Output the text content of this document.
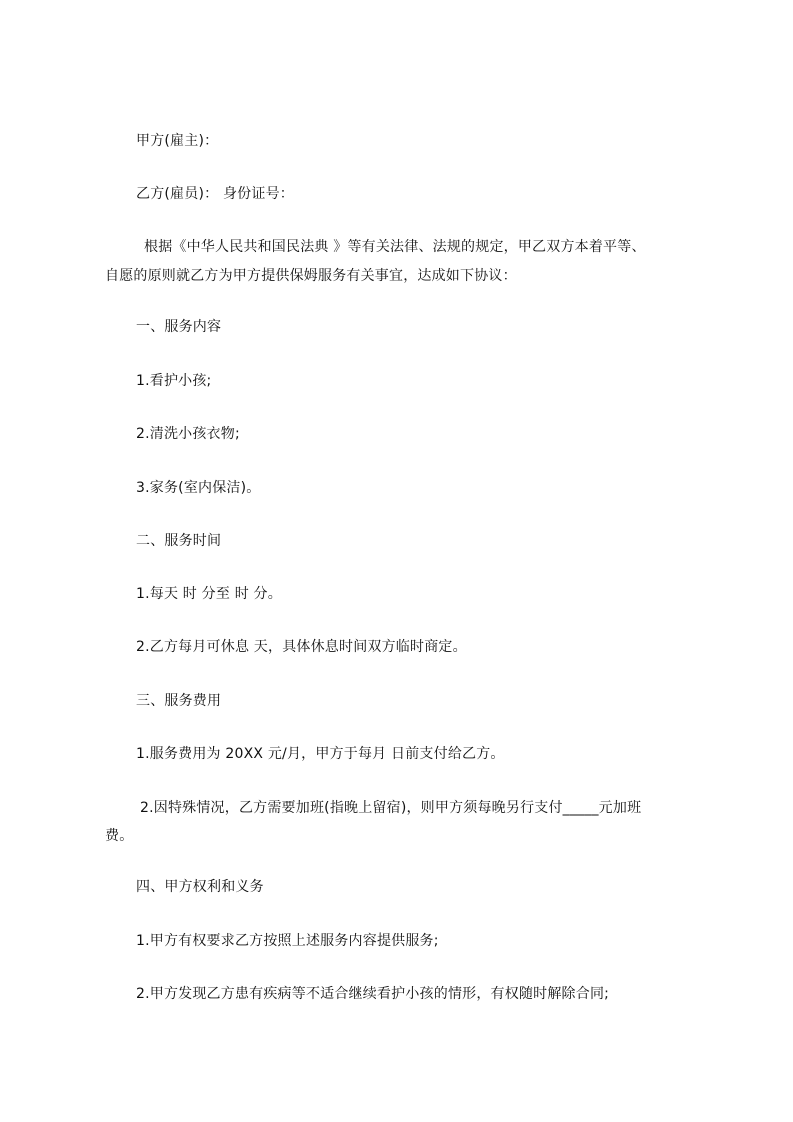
甲方(雇主)：
乙方(雇员)： 身份证号：
根据《中华人民共和国民法典 》等有关法律、法规的规定，甲乙双方本着平等、
自愿的原则就乙方为甲方提供保姆服务有关事宜，达成如下协议：
一、服务内容
1.看护小孩;
2.清洗小孩衣物;
3.家务(室内保洁)。
二、服务时间
1.每天 时 分至 时 分。
2.乙方每月可休息 天，具体休息时间双方临时商定。
三、服务费用
1.服务费用为 20XX 元/月，甲方于每月 日前支付给乙方。
2.因特殊情况，乙方需要加班(指晚上留宿)，则甲方须每晚另行支付_____元加班
费。
四、甲方权利和义务
1.甲方有权要求乙方按照上述服务内容提供服务;
2.甲方发现乙方患有疾病等不适合继续看护小孩的情形，有权随时解除合同;
